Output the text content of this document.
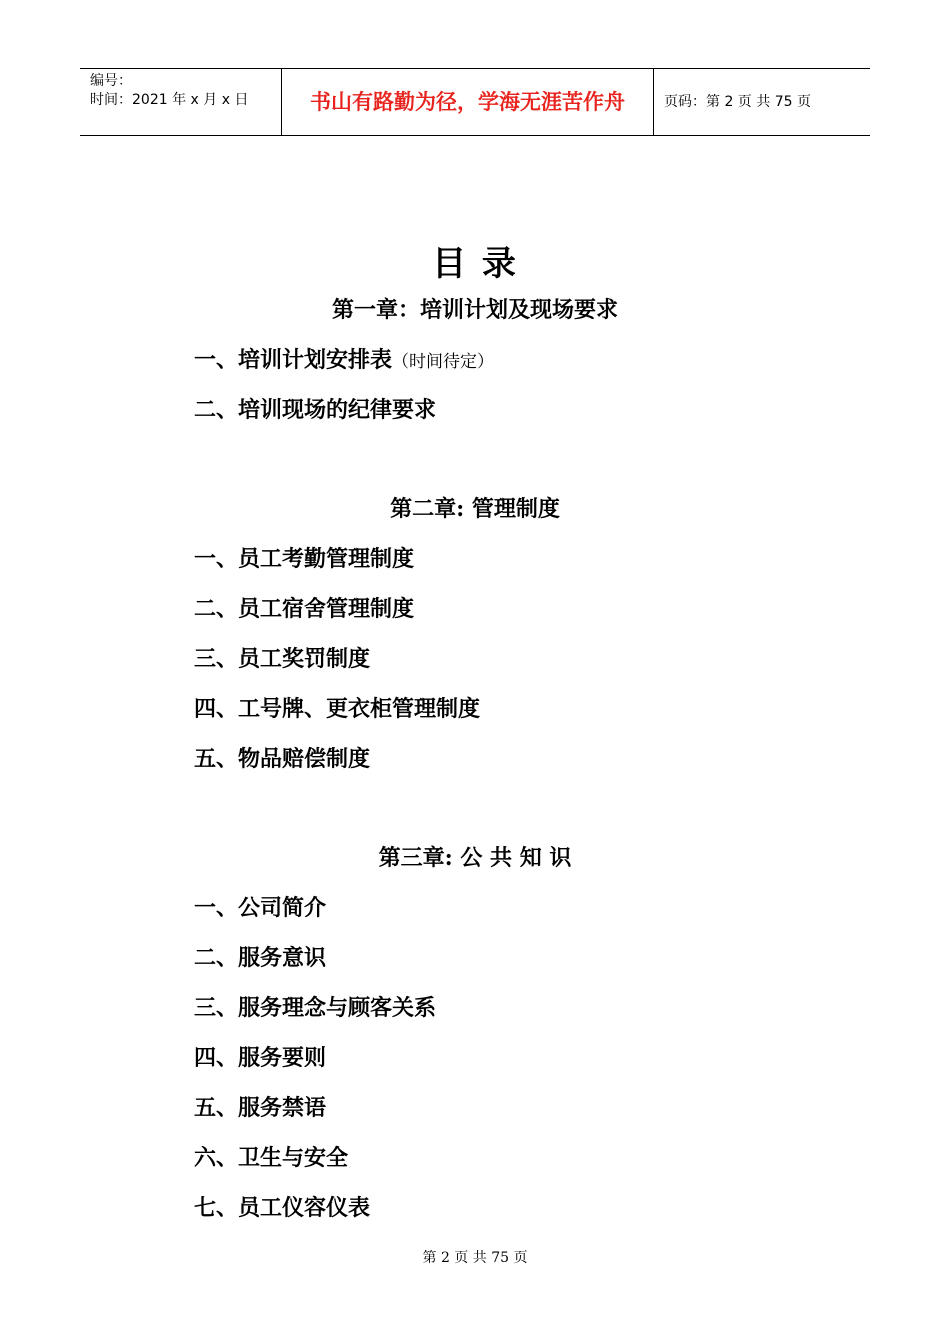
编号：
时间：2021 年 x 月 x 日	书山有路勤为径，学海无涯苦作舟	页码：第 2 页 共 75 页
目 录
第一章：培训计划及现场要求
一、培训计划安排表（时间待定）
二、培训现场的纪律要求
第二章: 管理制度
一、员工考勤管理制度
二、员工宿舍管理制度
三、员工奖罚制度
四、工号牌、更衣柜管理制度
五、物品赔偿制度
第三章: 公 共 知 识
一、公司简介
二、服务意识
三、服务理念与顾客关系
四、服务要则
五、服务禁语
六、卫生与安全
七、员工仪容仪表
第 2 页 共 75 页
